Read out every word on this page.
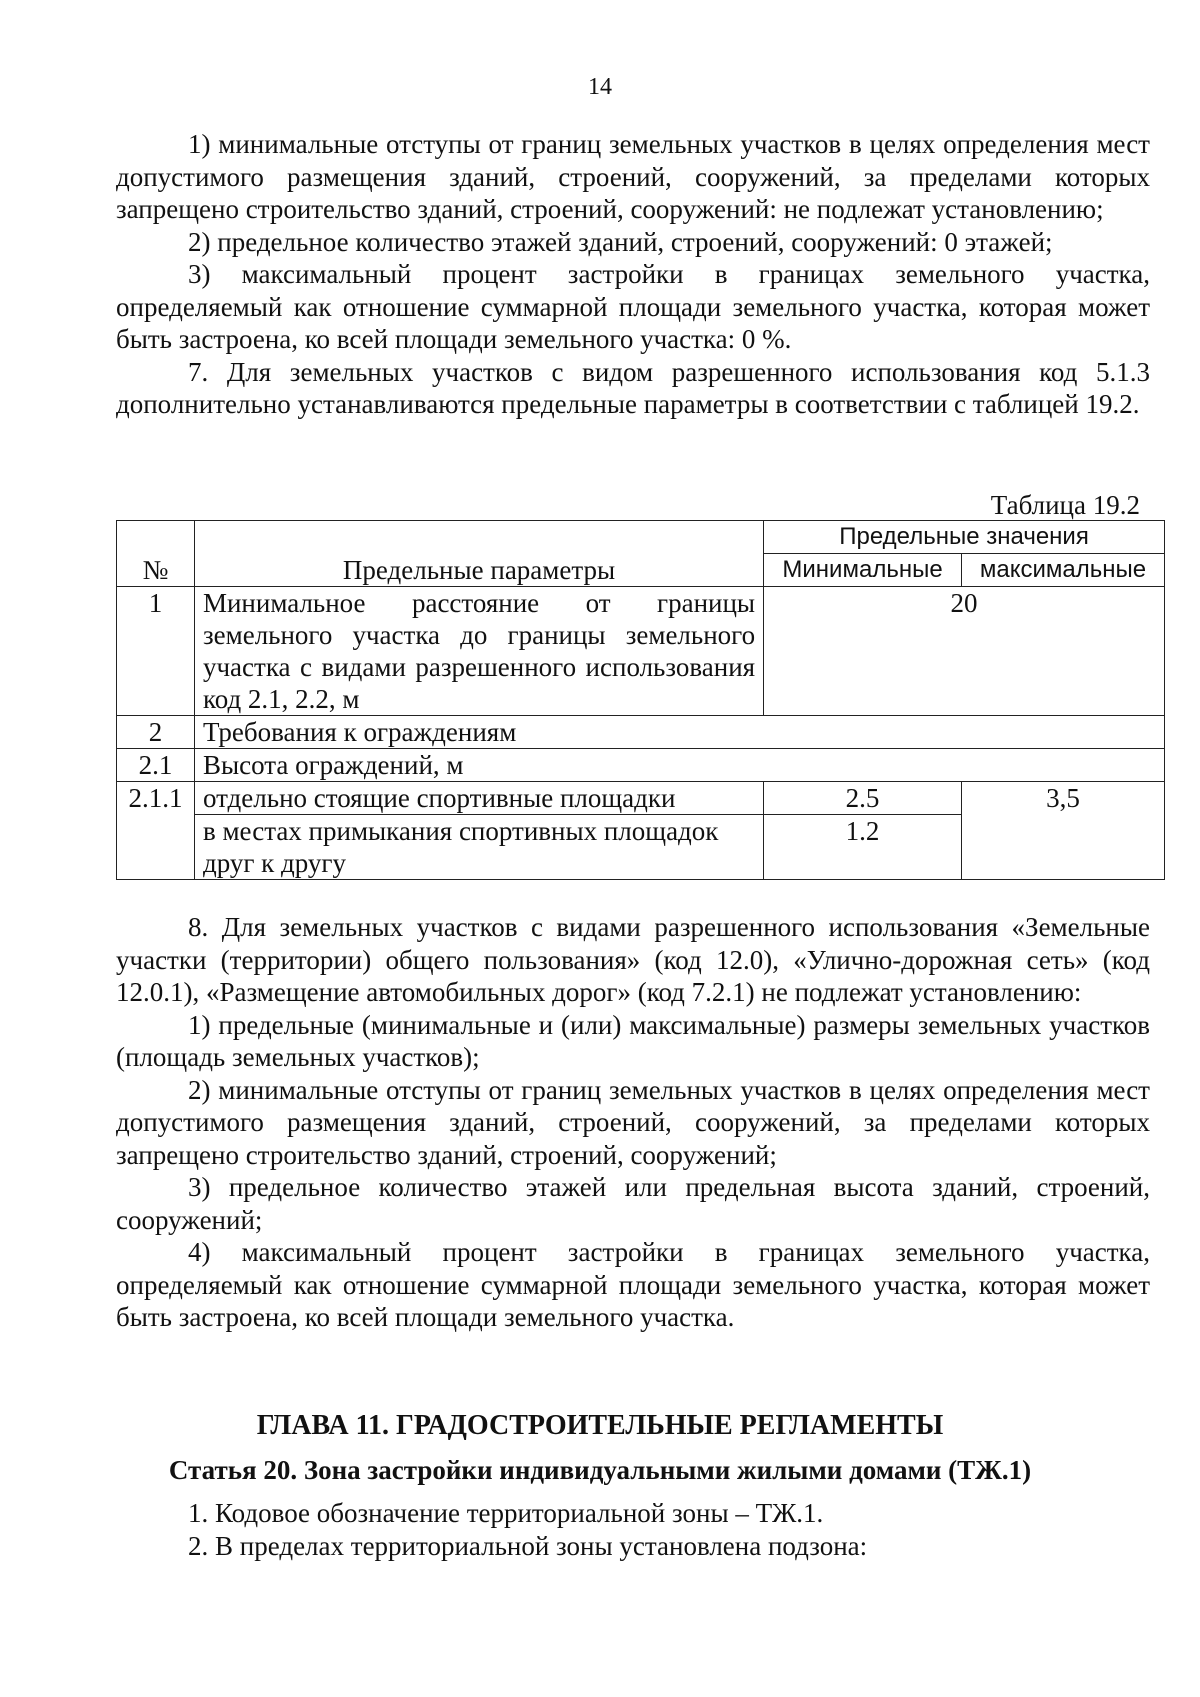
14

1) минимальные отступы от границ земельных участков в целях определения мест допустимого размещения зданий, строений, сооружений, за пределами которых запрещено строительство зданий, строений, сооружений: не подлежат установлению;

2) предельное количество этажей зданий, строений, сооружений: 0 этажей;

3) максимальный процент застройки в границах земельного участка, определяемый как отношение суммарной площади земельного участка, которая может быть застроена, ко всей площади земельного участка: 0 %.

7. Для земельных участков с видом разрешенного использования код 5.1.3 дополнительно устанавливаются предельные параметры в соответствии с таблицей 19.2.

Таблица 19.2
№	Предельные параметры	Предельные значения	
		Минимальные	максимальные
1	Минимальное расстояние от границы земельного участка до границы земельного участка с видами разрешенного использования код 2.1, 2.2, м	20	
2	Требования к ограждениям		
2.1	Высота ограждений, м		
2.1.1	отдельно стоящие спортивные площадки	2.5	3,5
	в местах примыкания спортивных площадок друг к другу	1.2	

8. Для земельных участков с видами разрешенного использования «Земельные участки (территории) общего пользования» (код 12.0), «Улично-дорожная сеть» (код 12.0.1), «Размещение автомобильных дорог» (код 7.2.1) не подлежат установлению:

1) предельные (минимальные и (или) максимальные) размеры земельных участков (площадь земельных участков);

2) минимальные отступы от границ земельных участков в целях определения мест допустимого размещения зданий, строений, сооружений, за пределами которых запрещено строительство зданий, строений, сооружений;

3) предельное количество этажей или предельная высота зданий, строений, сооружений;

4) максимальный процент застройки в границах земельного участка, определяемый как отношение суммарной площади земельного участка, которая может быть застроена, ко всей площади земельного участка.

ГЛАВА 11. ГРАДОСТРОИТЕЛЬНЫЕ РЕГЛАМЕНТЫ
Статья 20. Зона застройки индивидуальными жилыми домами (ТЖ.1)
1. Кодовое обозначение территориальной зоны – ТЖ.1.
2. В пределах территориальной зоны установлена подзона:
